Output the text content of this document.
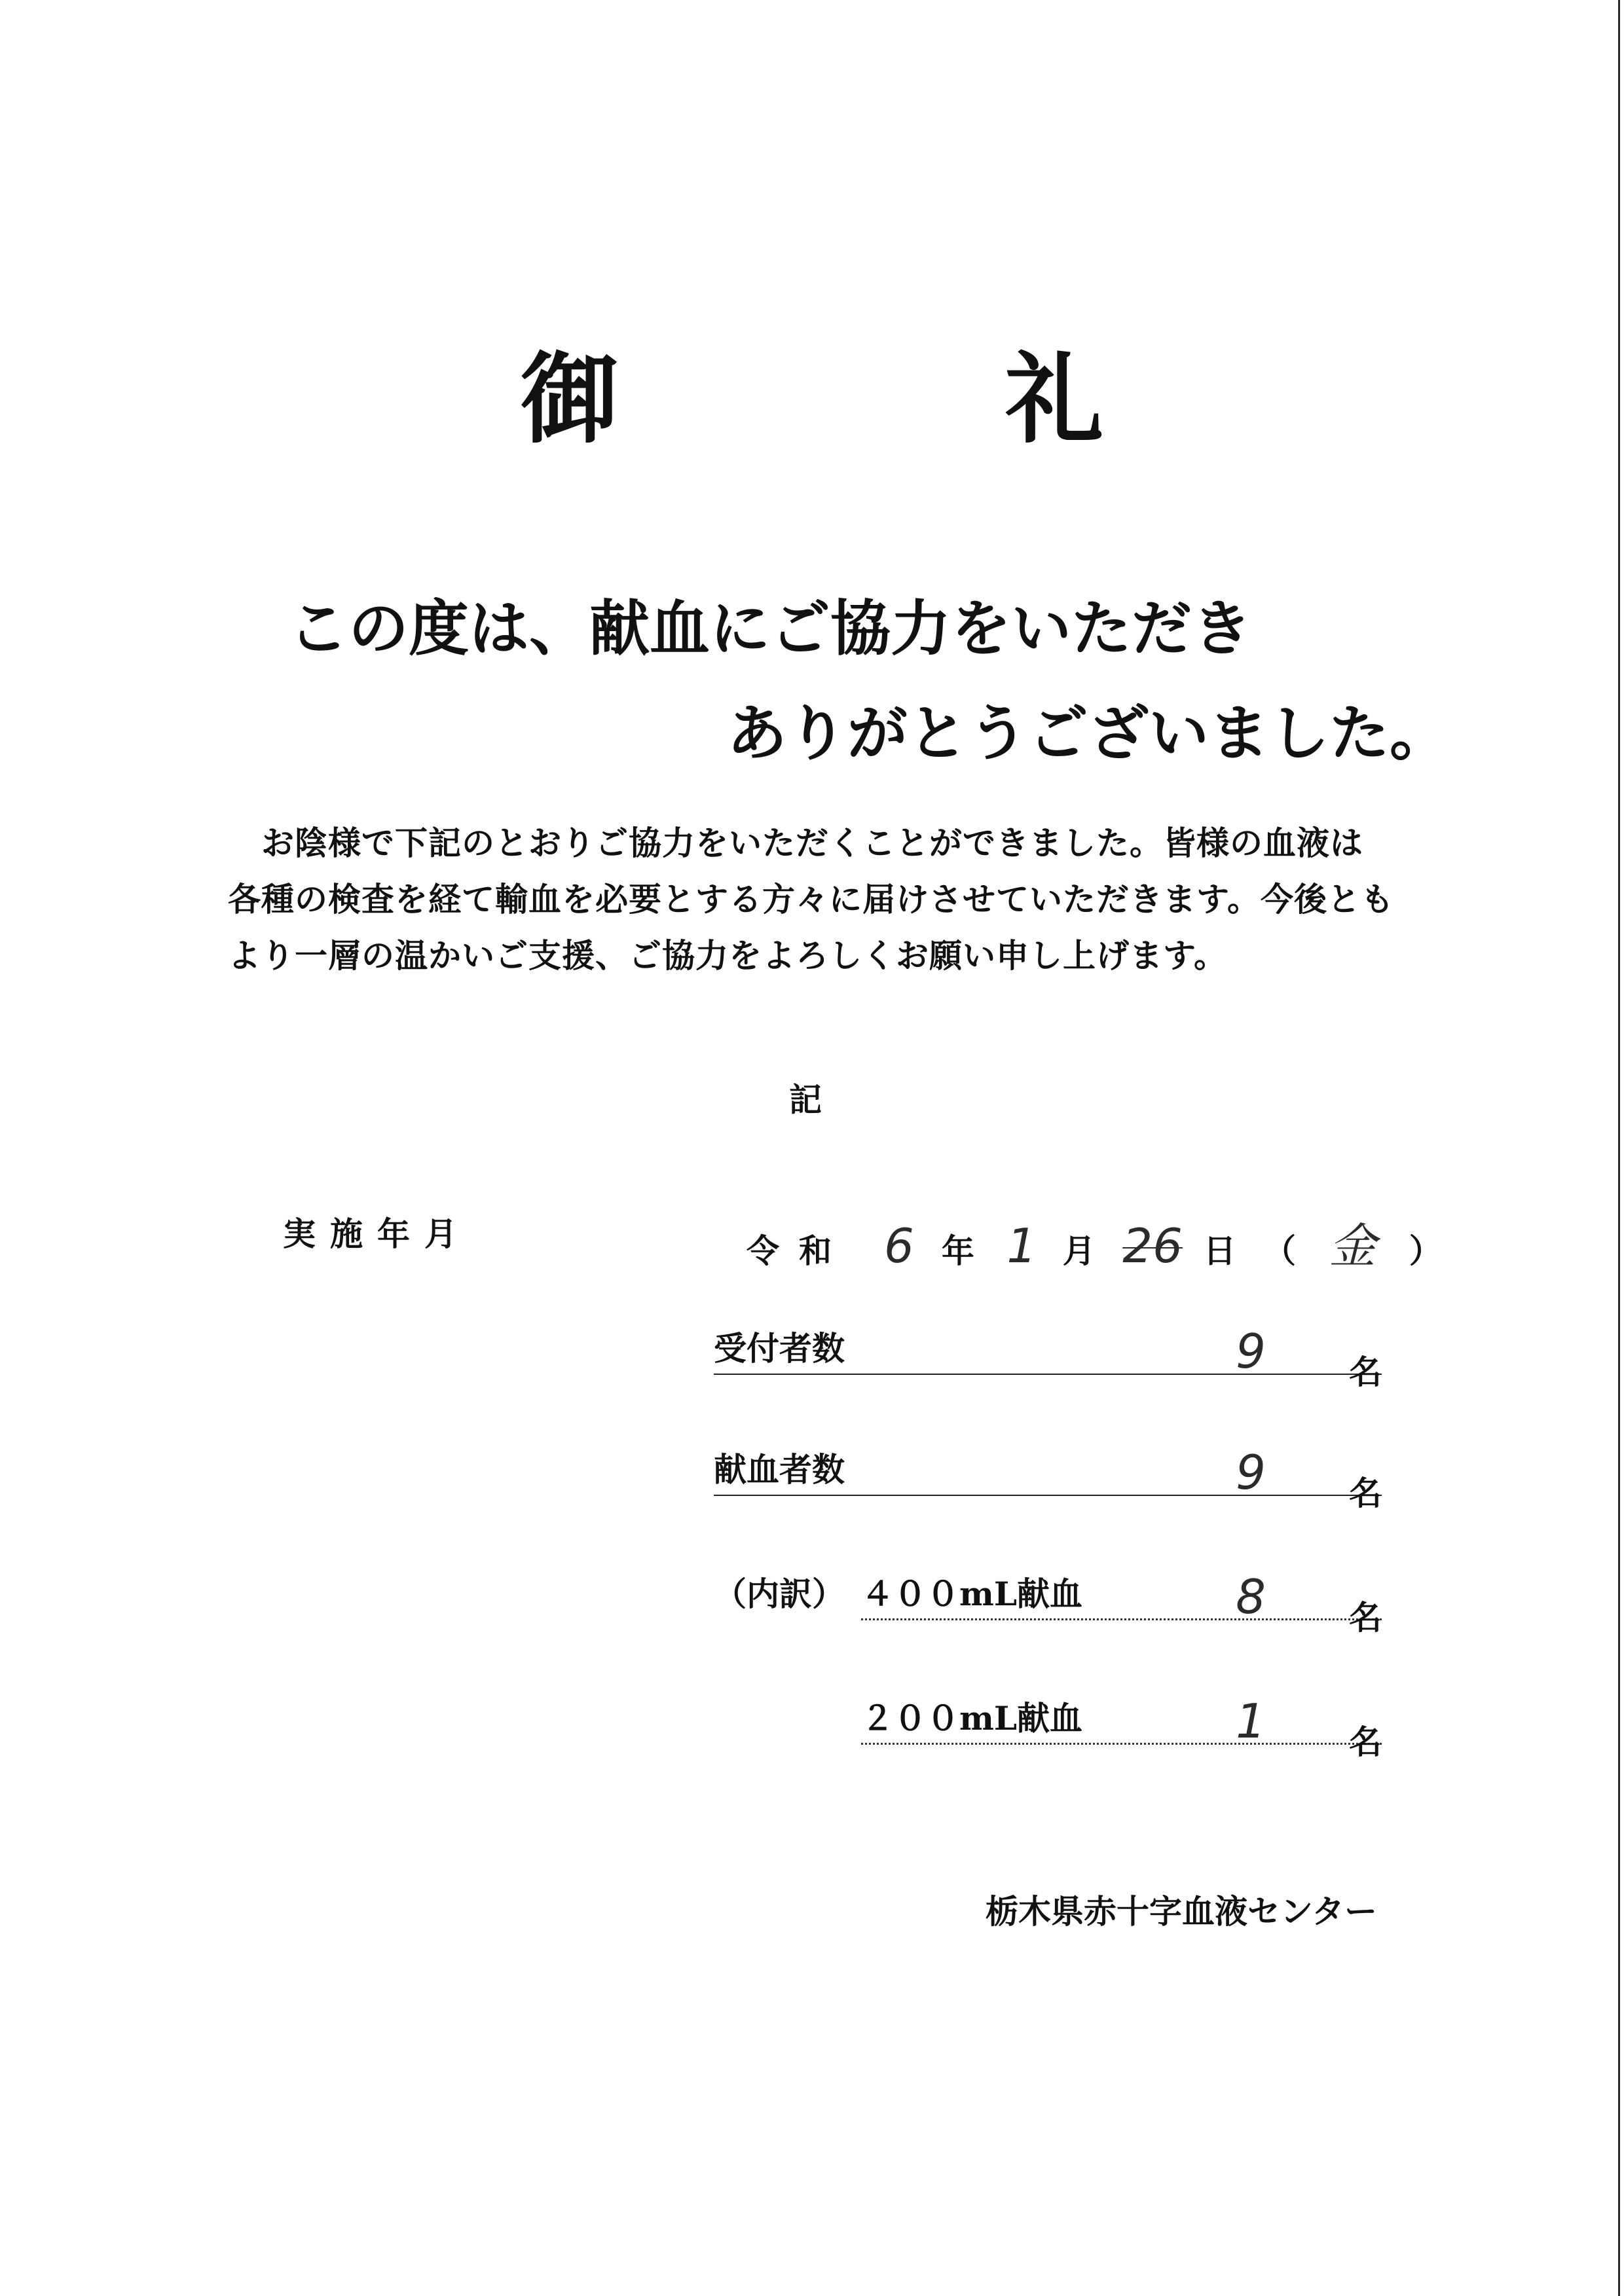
御　礼
この度は、献血にご協力をいただき
ありがとうございました。

　お陰様で下記のとおりご協力をいただくことができました。皆様の血液は

各種の検査を経て輸血を必要とする方々に届けさせていただきます。今後とも

より一層の温かいご支援、ご協力をよろしくお願い申し上げます。

記
実施年月	令和 6 年 1 月 26 日 （ 金 ）
受付者数	9	名
献血者数	9	名
（内訳） ４００mL献血	8	名
２００mL献血	1	名
栃木県赤十字血液センター
